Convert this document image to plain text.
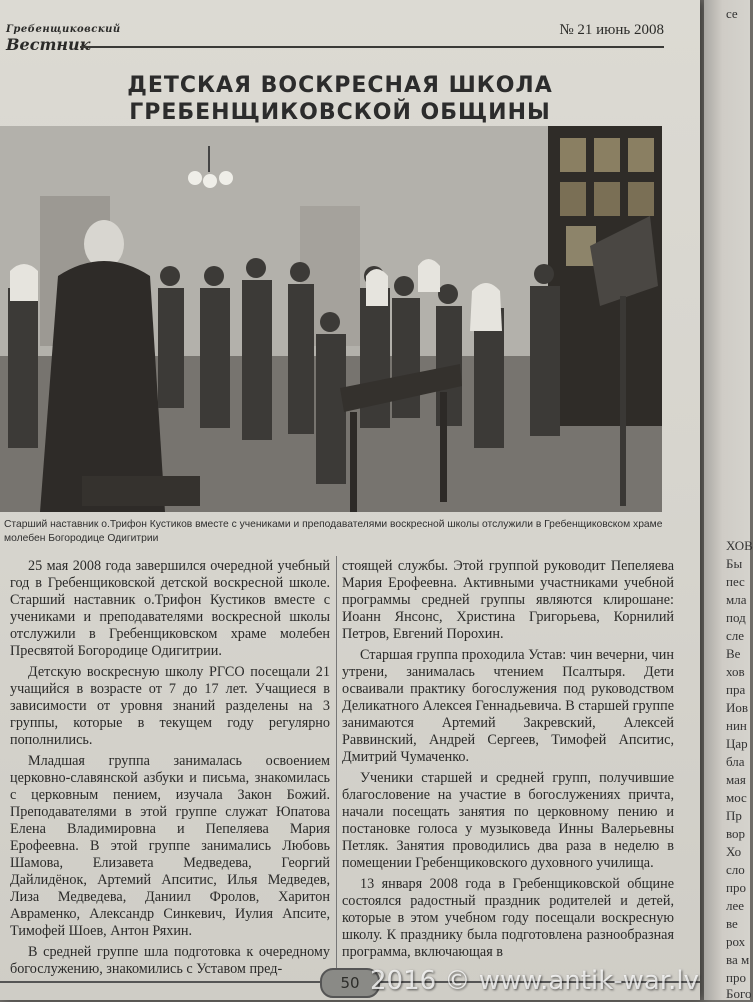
Гребенщиковский
Вестник
№ 21 июнь 2008
ДЕТСКАЯ ВОСКРЕСНАЯ ШКОЛА
ГРЕБЕНЩИКОВСКОЙ ОБЩИНЫ
Старший наставник о.Трифон Кустиков вместе с учениками и преподавателями воскресной школы отслужили в Гребенщиковском храме молебен Богородице Одигитрии

25 мая 2008 года завершился очередной учебный год в Гребенщиковской детской воскресной школе. Старший наставник о.Трифон Кустиков вместе с учениками и преподавателями воскресной школы отслужили в Гребенщиковском храме молебен Пресвятой Богородице Одигитрии.

Детскую воскресную школу РГСО посещали 21 учащийся в возрасте от 7 до 17 лет. Учащиеся в зависимости от уровня знаний разделены на 3 группы, которые в текущем году регулярно пополнились.

Младшая группа занималась освоением церковно-славянской азбуки и письма, знакомилась с церковным пением, изучала Закон Божий. Преподавателями в этой группе служат Юпатова Елена Владимировна и Пепеляева Мария Ерофеевна. В этой группе занимались Любовь Шамова, Елизавета Медведева, Георгий Дайлидёнок, Артемий Апситис, Илья Медведев, Лиза Медведева, Даниил Фролов, Харитон Авраменко, Александр Синкевич, Иулия Апсите, Тимофей Шоев, Антон Ряхин.

В средней группе шла подготовка к очередному богослужению, знакомились с Уставом пред-

стоящей службы. Этой группой руководит Пепеляева Мария Ерофеевна. Активными участниками учебной программы средней группы являются клирошане: Иоанн Янсонс, Христина Григорьева, Корнилий Петров, Евгений Порохин.

Старшая группа проходила Устав: чин вечерни, чин утрени, занималась чтением Псалтыря. Дети осваивали практику богослужения под руководством Деликатного Алексея Геннадьевича. В старшей группе занимаются Артемий Закревский, Алексей Раввинский, Андрей Сергеев, Тимофей Апситис, Дмитрий Чумаченко.

Ученики старшей и средней групп, получившие благословение на участие в богослужениях причта, начали посещать занятия по церковному пению и постановке голоса у музыковеда Инны Валерьевны Петляк. Занятия проводились два раза в неделю в помещении Гребенщиковского духовного училища.

13 января 2008 года в Гребенщиковской общине состоялся радостный праздник родителей и детей, которые в этом учебном году посещали воскресную школу. К празднику была подготовлена разнообразная программа, включающая в

50
се
ХОВ
Бы
пес
мла
под
сле
Ве
хов
пра
Иов
нин
Цар
бла
мая
мос
Пр
вор
Хо
сло
про
лее
ве
рох
ва м
про
Бого
2016 © www.antik-war.lv
